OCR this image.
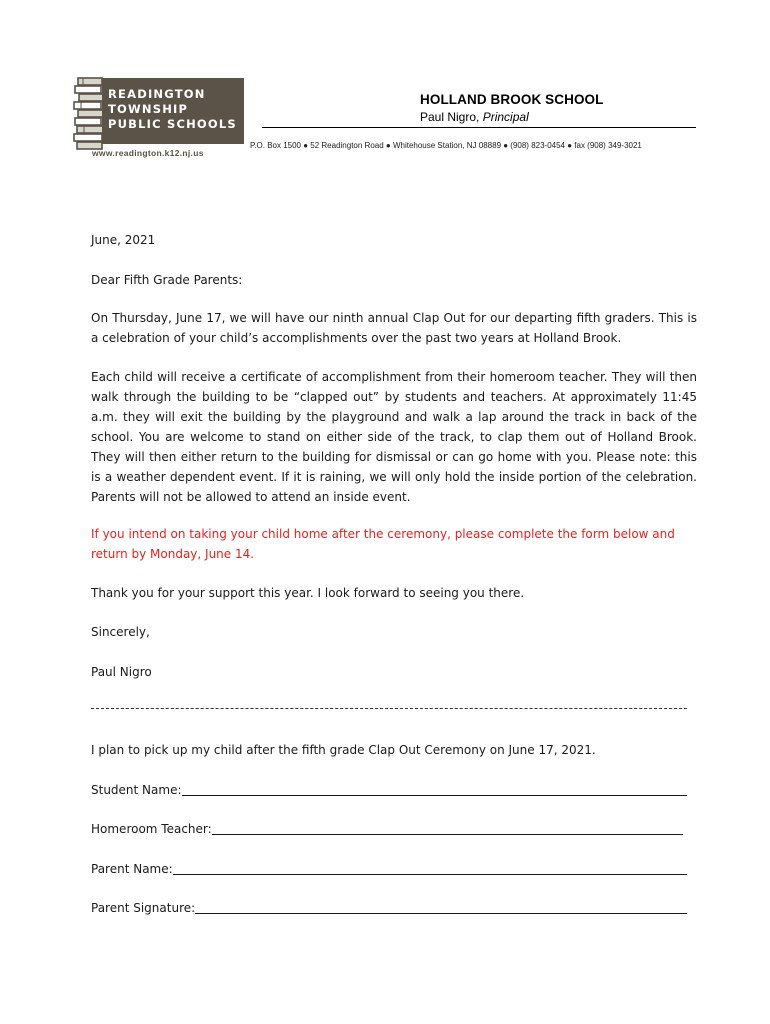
READINGTON
TOWNSHIP
PUBLIC SCHOOLS
www.readington.k12.nj.us
HOLLAND BROOK SCHOOL
Paul Nigro, Principal
P.O. Box 1500 ● 52 Readington Road ● Whitehouse Station, NJ 08889 ● (908) 823-0454 ● fax (908) 349-3021

June, 2021

Dear Fifth Grade Parents:

On Thursday, June 17, we will have our ninth annual Clap Out for our departing fifth graders. This is a celebration of your child’s accomplishments over the past two years at Holland Brook.

Each child will receive a certificate of accomplishment from their homeroom teacher. They will then walk through the building to be “clapped out” by students and teachers. At approximately 11:45 a.m. they will exit the building by the playground and walk a lap around the track in back of the school. You are welcome to stand on either side of the track, to clap them out of Holland Brook. They will then either return to the building for dismissal or can go home with you. Please note: this is a weather dependent event. If it is raining, we will only hold the inside portion of the celebration. Parents will not be allowed to attend an inside event.

If you intend on taking your child home after the ceremony, please complete the form below and return by Monday, June 14.

Thank you for your support this year. I look forward to seeing you there.

Sincerely,

Paul Nigro

I plan to pick up my child after the fifth grade Clap Out Ceremony on June 17, 2021.

Student Name:
Homeroom Teacher:
Parent Name:
Parent Signature:
